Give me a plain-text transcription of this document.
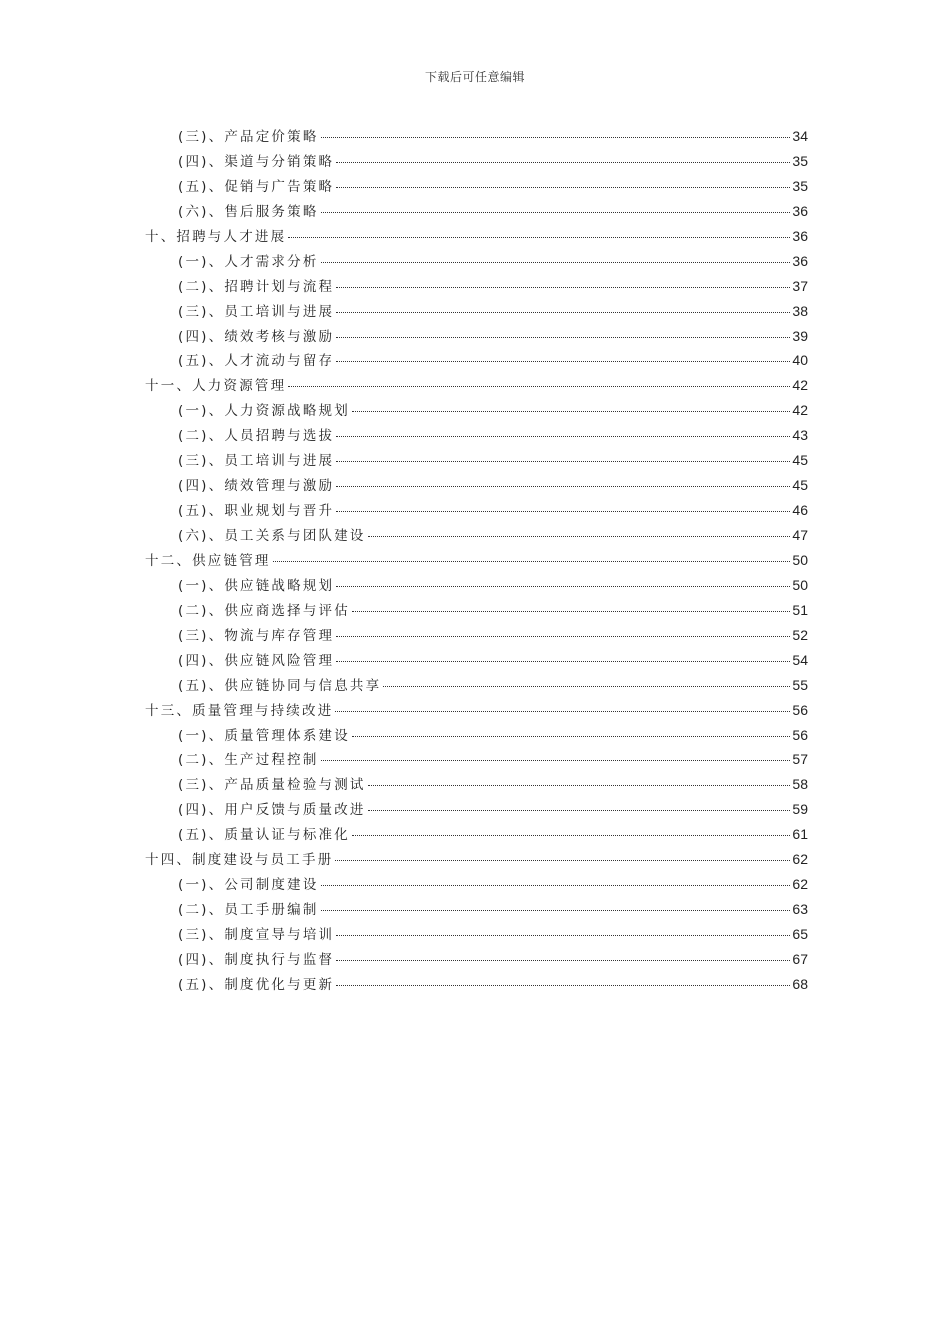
下载后可任意编辑
(三)、产品定价策略	34
(四)、渠道与分销策略	35
(五)、促销与广告策略	35
(六)、售后服务策略	36
十、招聘与人才进展	36
(一)、人才需求分析	36
(二)、招聘计划与流程	37
(三)、员工培训与进展	38
(四)、绩效考核与激励	39
(五)、人才流动与留存	40
十一、人力资源管理	42
(一)、人力资源战略规划	42
(二)、人员招聘与选拔	43
(三)、员工培训与进展	45
(四)、绩效管理与激励	45
(五)、职业规划与晋升	46
(六)、员工关系与团队建设	47
十二、供应链管理	50
(一)、供应链战略规划	50
(二)、供应商选择与评估	51
(三)、物流与库存管理	52
(四)、供应链风险管理	54
(五)、供应链协同与信息共享	55
十三、质量管理与持续改进	56
(一)、质量管理体系建设	56
(二)、生产过程控制	57
(三)、产品质量检验与测试	58
(四)、用户反馈与质量改进	59
(五)、质量认证与标准化	61
十四、制度建设与员工手册	62
(一)、公司制度建设	62
(二)、员工手册编制	63
(三)、制度宣导与培训	65
(四)、制度执行与监督	67
(五)、制度优化与更新	68
